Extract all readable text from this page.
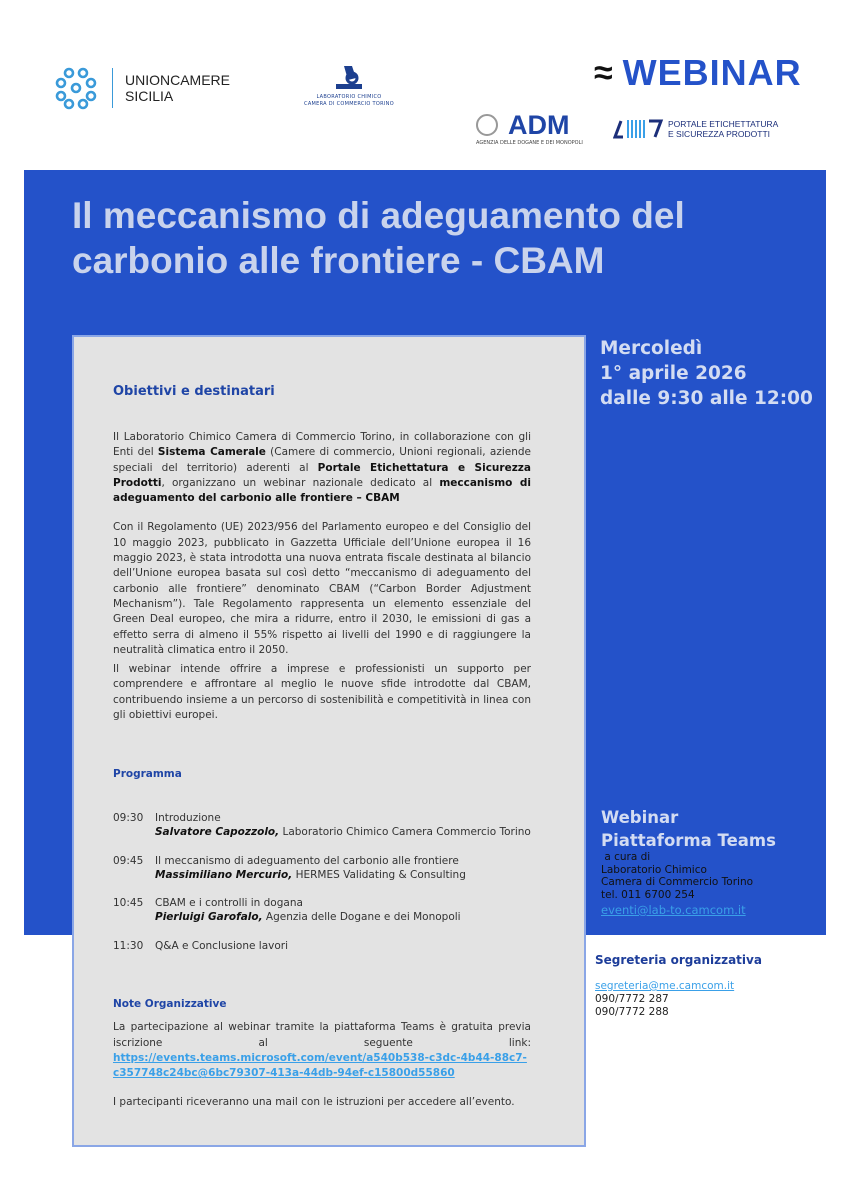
UNIONCAMERE
SICILIA	LABORATORIO CHIMICO
CAMERA DI COMMERCIO TORINO
≈ WEBINAR
ADM
AGENZIA DELLE DOGANE E DEI MONOPOLI
PORTALE ETICHETTATURA
E SICUREZZA PRODOTTI
Il meccanismo di adeguamento del
carbonio alle frontiere - CBAM
Mercoledì
1° aprile 2026
dalle 9:30 alle 12:00
Webinar
Piattaforma Teams
a cura di
Laboratorio Chimico
Camera di Commercio Torino
tel. 011 6700 254
eventi@lab-to.camcom.it
Segreteria organizzativa
segreteria@me.camcom.it
090/7772 287
090/7772 288
Obiettivi e destinatari
Il Laboratorio Chimico Camera di Commercio Torino, in collaborazione con gli Enti del Sistema Camerale (Camere di commercio, Unioni regionali, aziende speciali del territorio) aderenti al Portale Etichettatura e Sicurezza Prodotti, organizzano un webinar nazionale dedicato al meccanismo di adeguamento del carbonio alle frontiere – CBAM
Con il Regolamento (UE) 2023/956 del Parlamento europeo e del Consiglio del 10 maggio 2023, pubblicato in Gazzetta Ufficiale dell’Unione europea il 16 maggio 2023, è stata introdotta una nuova entrata fiscale destinata al bilancio dell’Unione europea basata sul così detto “meccanismo di adeguamento del carbonio alle frontiere” denominato CBAM (“Carbon Border Adjustment Mechanism”). Tale Regolamento rappresenta un elemento essenziale del Green Deal europeo, che mira a ridurre, entro il 2030, le emissioni di gas a effetto serra di almeno il 55% rispetto ai livelli del 1990 e di raggiungere la neutralità climatica entro il 2050.
Il webinar intende offrire a imprese e professionisti un supporto per comprendere e affrontare al meglio le nuove sfide introdotte dal CBAM, contribuendo insieme a un percorso di sostenibilità e competitività in linea con gli obiettivi europei.
Programma
09:30	Introduzione
Salvatore Capozzolo, Laboratorio Chimico Camera Commercio Torino
09:45	Il meccanismo di adeguamento del carbonio alle frontiere
Massimiliano Mercurio, HERMES Validating & Consulting
10:45	CBAM e i controlli in dogana
Pierluigi Garofalo, Agenzia delle Dogane e dei Monopoli
11:30	Q&A e Conclusione lavori
Note Organizzative
La partecipazione al webinar tramite la piattaforma Teams è gratuita previa iscrizione al seguente link:
https://events.teams.microsoft.com/event/a540b538-c3dc-4b44-88c7-c357748c24bc@6bc79307-413a-44db-94ef-c15800d55860
I partecipanti riceveranno una mail con le istruzioni per accedere all’evento.
